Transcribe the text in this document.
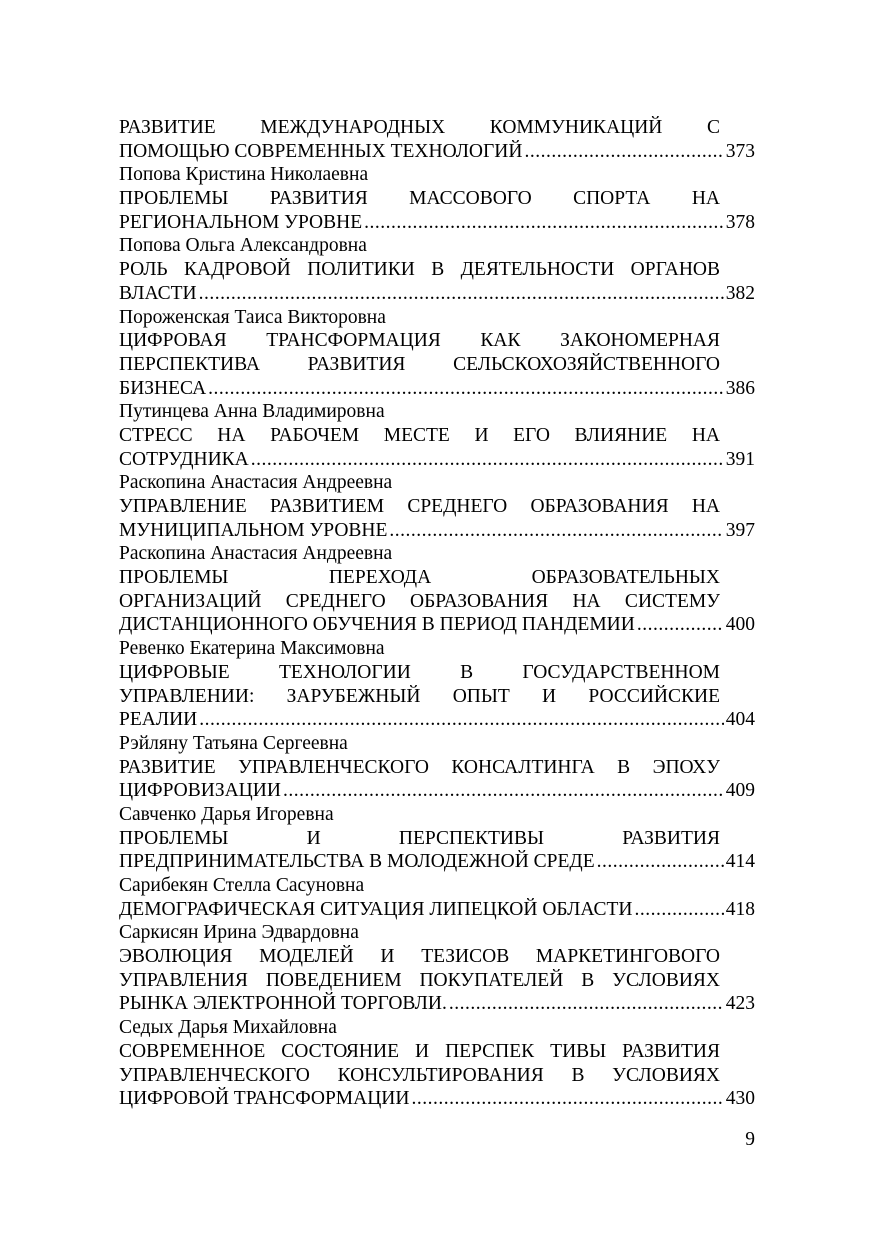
РАЗВИТИЕ МЕЖДУНАРОДНЫХ КОММУНИКАЦИЙ С
ПОМОЩЬЮ СОВРЕМЕННЫХ ТЕХНОЛОГИЙ .....	373
Попова Кристина Николаевна
ПРОБЛЕМЫ РАЗВИТИЯ МАССОВОГО СПОРТА НА
РЕГИОНАЛЬНОМ УРОВНЕ .....	378
Попова Ольга Александровна
РОЛЬ КАДРОВОЙ ПОЛИТИКИ В ДЕЯТЕЛЬНОСТИ ОРГАНОВ
ВЛАСТИ .....	382
Пороженская Таиса Викторовна
ЦИФРОВАЯ ТРАНСФОРМАЦИЯ КАК ЗАКОНОМЕРНАЯ
ПЕРСПЕКТИВА РАЗВИТИЯ СЕЛЬСКОХОЗЯЙСТВЕННОГО
БИЗНЕСА .....	386
Путинцева Анна Владимировна
СТРЕСС НА РАБОЧЕМ МЕСТЕ И ЕГО ВЛИЯНИЕ НА
СОТРУДНИКА .....	391
Раскопина Анастасия Андреевна
УПРАВЛЕНИЕ РАЗВИТИЕМ СРЕДНЕГО ОБРАЗОВАНИЯ НА
МУНИЦИПАЛЬНОМ УРОВНЕ .....	397
Раскопина Анастасия Андреевна
ПРОБЛЕМЫ ПЕРЕХОДА ОБРАЗОВАТЕЛЬНЫХ
ОРГАНИЗАЦИЙ СРЕДНЕГО ОБРАЗОВАНИЯ НА СИСТЕМУ
ДИСТАНЦИОННОГО ОБУЧЕНИЯ В ПЕРИОД ПАНДЕМИИ .....	400
Ревенко Екатерина Максимовна
ЦИФРОВЫЕ ТЕХНОЛОГИИ В ГОСУДАРСТВЕННОМ
УПРАВЛЕНИИ: ЗАРУБЕЖНЫЙ ОПЫТ И РОССИЙСКИЕ
РЕАЛИИ .....	404
Рэйляну Татьяна Сергеевна
РАЗВИТИЕ УПРАВЛЕНЧЕСКОГО КОНСАЛТИНГА В ЭПОХУ
ЦИФРОВИЗАЦИИ .....	409
Савченко Дарья Игоревна
ПРОБЛЕМЫ И ПЕРСПЕКТИВЫ РАЗВИТИЯ
ПРЕДПРИНИМАТЕЛЬСТВА В МОЛОДЕЖНОЙ СРЕДЕ .....	414
Сарибекян Стелла Сасуновна
ДЕМОГРАФИЧЕСКАЯ СИТУАЦИЯ ЛИПЕЦКОЙ ОБЛАСТИ .....	418
Саркисян Ирина Эдвардовна
ЭВОЛЮЦИЯ МОДЕЛЕЙ И ТЕЗИСОВ МАРКЕТИНГОВОГО
УПРАВЛЕНИЯ ПОВЕДЕНИЕМ ПОКУПАТЕЛЕЙ В УСЛОВИЯХ
РЫНКА ЭЛЕКТРОННОЙ ТОРГОВЛИ. .....	423
Седых Дарья Михайловна
СОВРЕМЕННОЕ СОСТОЯНИЕ И ПЕРСПЕК ТИВЫ РАЗВИТИЯ
УПРАВЛЕНЧЕСКОГО КОНСУЛЬТИРОВАНИЯ В УСЛОВИЯХ
ЦИФРОВОЙ ТРАНСФОРМАЦИИ .....	430
9
